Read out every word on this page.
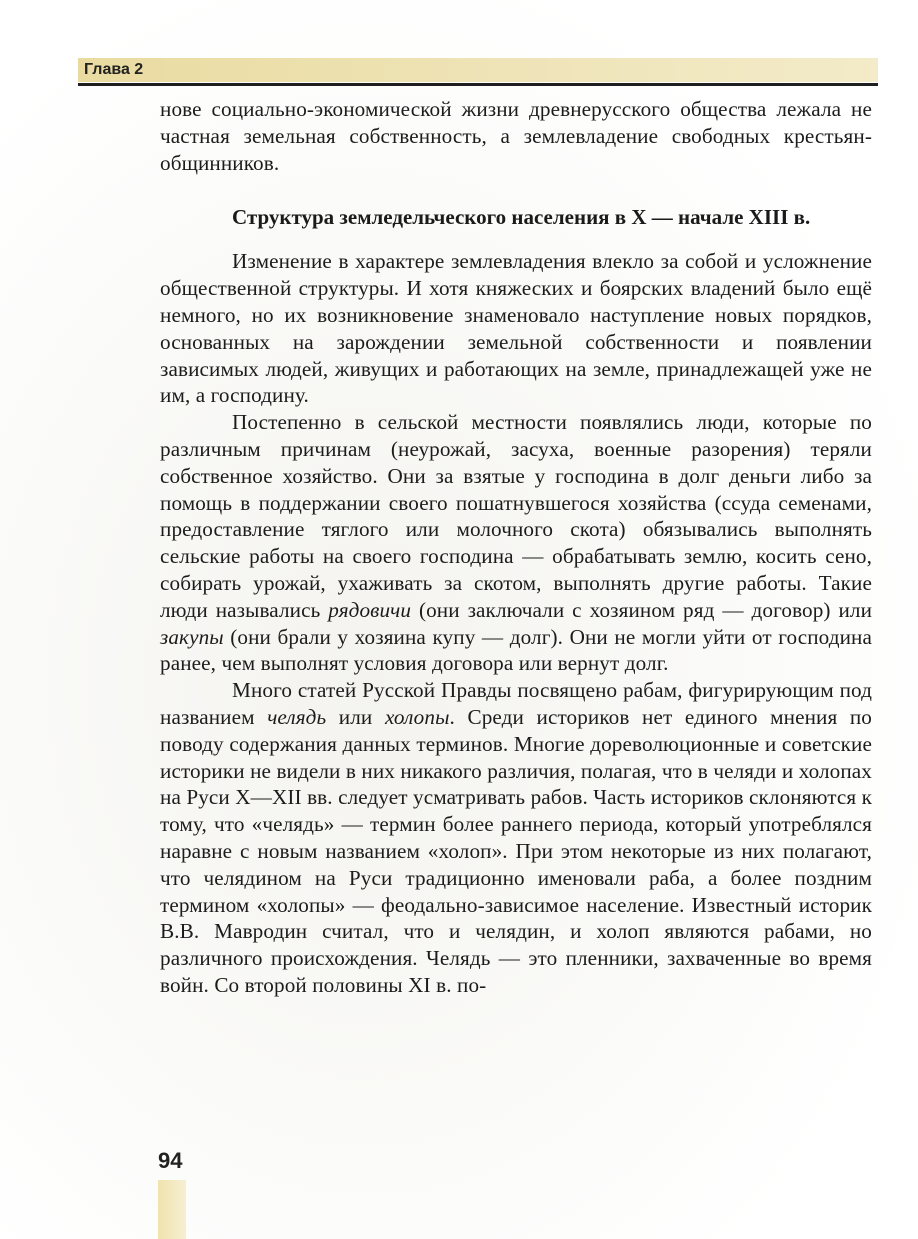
Глава 2

нове социально-экономической жизни древнерусского общества лежала не частная земельная собственность, а землевладение свободных крестьян-общинников.

Структура земледельческого населения в X — начале XIII в.

Изменение в характере землевладения влекло за собой и усложнение общественной структуры. И хотя княжеских и боярских владений было ещё немного, но их возникновение знаменовало наступление новых порядков, основанных на зарождении земельной собственности и появлении зависимых людей, живущих и работающих на земле, принадлежащей уже не им, а господину.

Постепенно в сельской местности появлялись люди, которые по различным причинам (неурожай, засуха, военные разорения) теряли собственное хозяйство. Они за взятые у господина в долг деньги либо за помощь в поддержании своего пошатнувшегося хозяйства (ссуда семенами, предоставление тяглого или молочного скота) обязывались выполнять сельские работы на своего господина — обрабатывать землю, косить сено, собирать урожай, ухаживать за скотом, выполнять другие работы. Такие люди назывались рядовичи (они заключали с хозяином ряд — договор) или закупы (они брали у хозяина купу — долг). Они не могли уйти от господина ранее, чем выполнят условия договора или вернут долг.

Много статей Русской Правды посвящено рабам, фигурирующим под названием челядь или холопы. Среди историков нет единого мнения по поводу содержания данных терминов. Многие дореволюционные и советские историки не видели в них никакого различия, полагая, что в челяди и холопах на Руси X—XII вв. следует усматривать рабов. Часть историков склоняются к тому, что «челядь» — термин более раннего периода, который употреблялся наравне с новым названием «холоп». При этом некоторые из них полагают, что челядином на Руси традиционно именовали раба, а более поздним термином «холопы» — феодально-зависимое население. Известный историк В.В. Мавродин считал, что и челядин, и холоп являются рабами, но различного происхождения. Челядь — это пленники, захваченные во время войн. Со второй половины XI в. по-

94
